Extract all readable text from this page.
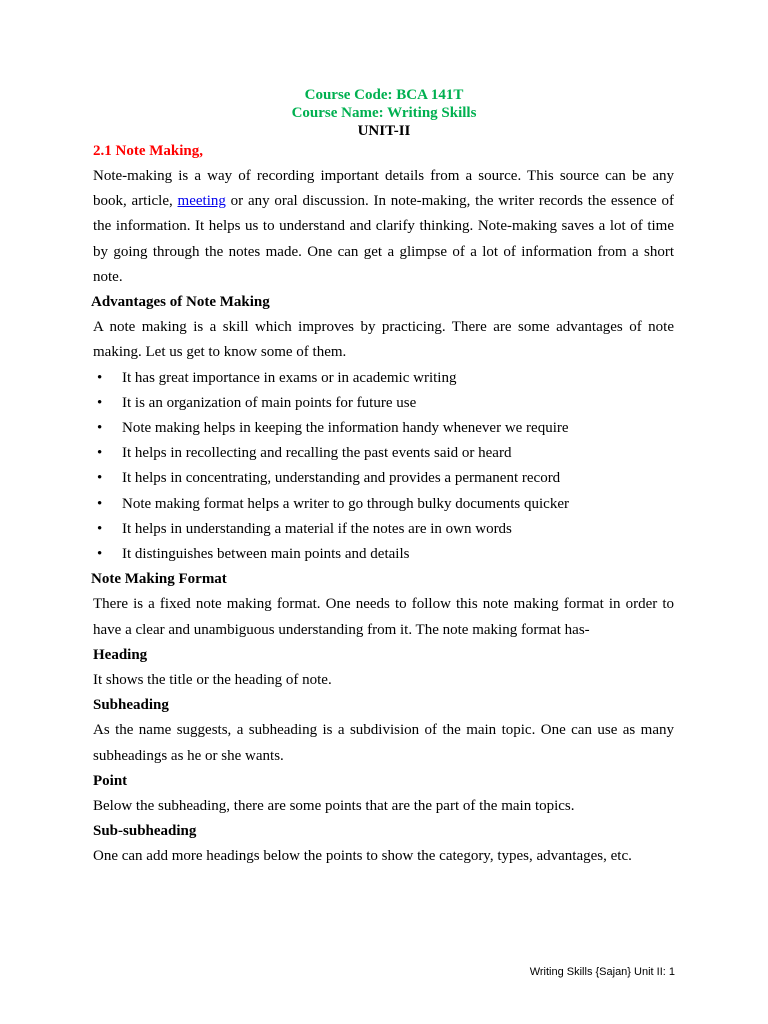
Course Code: BCA 141T
Course Name: Writing Skills
UNIT-II
2.1 Note Making,

Note-making is a way of recording important details from a source. This source can be any book, article, meeting or any oral discussion. In note-making, the writer records the essence of the information. It helps us to understand and clarify thinking. Note-making saves a lot of time by going through the notes made. One can get a glimpse of a lot of information from a short note.

Advantages of Note Making

A note making is a skill which improves by practicing. There are some advantages of note making. Let us get to know some of them.

• It has great importance in exams or in academic writing
• It is an organization of main points for future use
• Note making helps in keeping the information handy whenever we require
• It helps in recollecting and recalling the past events said or heard
• It helps in concentrating, understanding and provides a permanent record
• Note making format helps a writer to go through bulky documents quicker
• It helps in understanding a material if the notes are in own words
• It distinguishes between main points and details

Note Making Format

There is a fixed note making format. One needs to follow this note making format in order to have a clear and unambiguous understanding from it. The note making format has-

Heading

It shows the title or the heading of note.

Subheading

As the name suggests, a subheading is a subdivision of the main topic. One can use as many subheadings as he or she wants.

Point

Below the subheading, there are some points that are the part of the main topics.

Sub-subheading

One can add more headings below the points to show the category, types, advantages, etc.

Writing Skills {Sajan} Unit II: 1
